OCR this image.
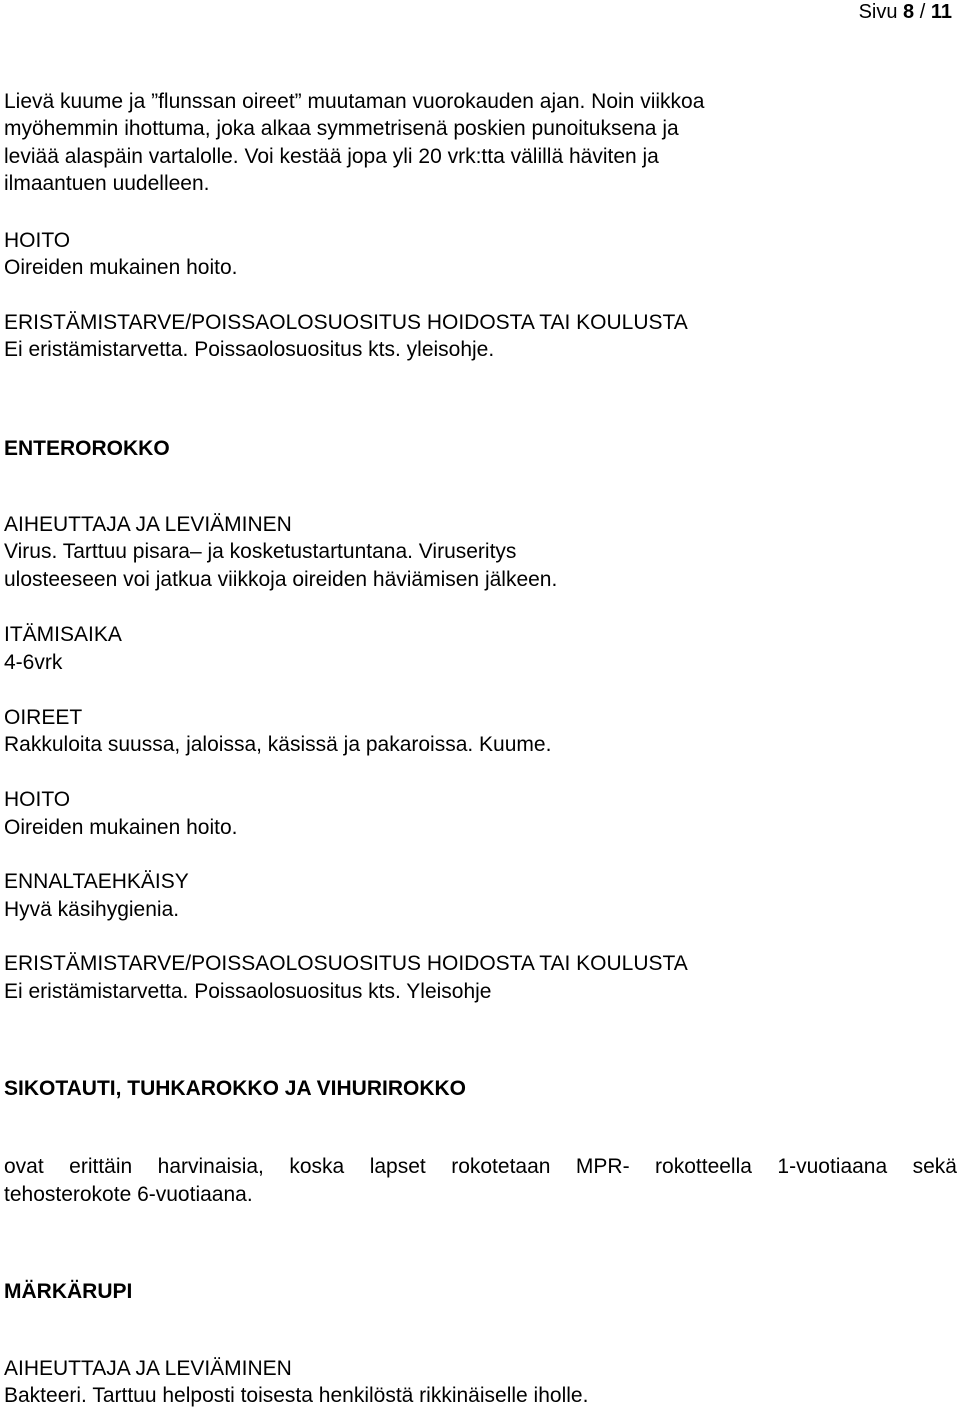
Sivu 8 / 11
Lievä kuume ja ”flunssan oireet” muutaman vuorokauden ajan. Noin viikkoa
myöhemmin ihottuma, joka alkaa symmetrisenä poskien punoituksena ja
leviää alaspäin vartalolle. Voi kestää jopa yli 20 vrk:tta välillä häviten ja
ilmaantuen uudelleen.
HOITO
Oireiden mukainen hoito.
ERISTÄMISTARVE/POISSAOLOSUOSITUS HOIDOSTA TAI KOULUSTA
Ei eristämistarvetta. Poissaolosuositus kts. yleisohje.
ENTEROROKKO
AIHEUTTAJA JA LEVIÄMINEN
Virus. Tarttuu pisara– ja kosketustartuntana. Viruseritys
ulosteeseen voi jatkua viikkoja oireiden häviämisen jälkeen.
ITÄMISAIKA
4-6vrk
OIREET
Rakkuloita suussa, jaloissa, käsissä ja pakaroissa. Kuume.
HOITO
Oireiden mukainen hoito.
ENNALTAEHKÄISY
Hyvä käsihygienia.
ERISTÄMISTARVE/POISSAOLOSUOSITUS HOIDOSTA TAI KOULUSTA
Ei eristämistarvetta. Poissaolosuositus kts. Yleisohje
SIKOTAUTI, TUHKAROKKO JA VIHURIROKKO
ovat erittäin harvinaisia, koska lapset rokotetaan MPR- rokotteella 1-vuotiaana sekä
tehosterokote 6-vuotiaana.
MÄRKÄRUPI
AIHEUTTAJA JA LEVIÄMINEN
Bakteeri. Tarttuu helposti toisesta henkilöstä rikkinäiselle iholle.
